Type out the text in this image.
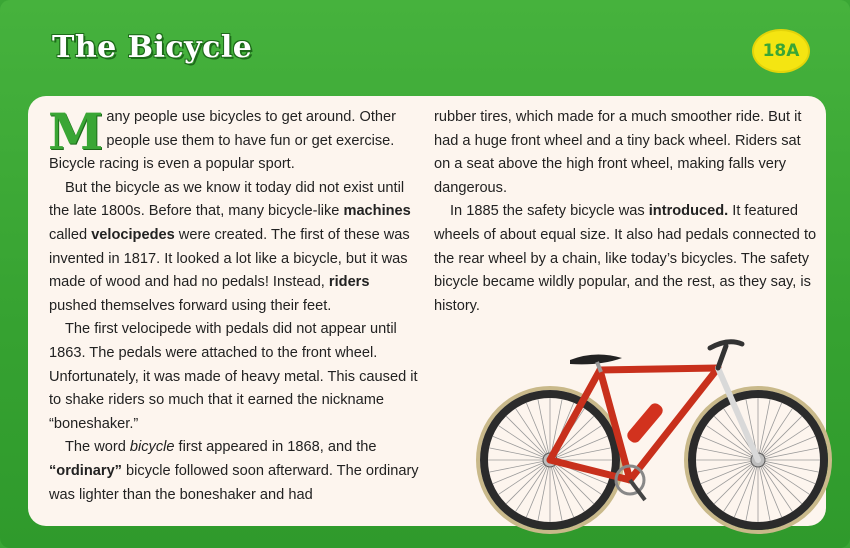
The Bicycle	18A

Many people use bicycles to get around. Other people use them to have fun or get exercise. Bicycle racing is even a popular sport.

But the bicycle as we know it today did not exist until the late 1800s. Before that, many bicycle-like machines called velocipedes were created. The first of these was invented in 1817. It looked a lot like a bicycle, but it was made of wood and had no pedals! Instead, riders pushed themselves forward using their feet.

The first velocipede with pedals did not appear until 1863. The pedals were attached to the front wheel. Unfortunately, it was made of heavy metal. This caused it to shake riders so much that it earned the nickname “boneshaker.”

The word bicycle first appeared in 1868, and the “ordinary” bicycle followed soon afterward. The ordinary was lighter than the boneshaker and had

rubber tires, which made for a much smoother ride. But it had a huge front wheel and a tiny back wheel. Riders sat on a seat above the high front wheel, making falls very dangerous.

In 1885 the safety bicycle was introduced. It featured wheels of about equal size. It also had pedals connected to the rear wheel by a chain, like today’s bicycles. The safety bicycle became wildly popular, and the rest, as they say, is history.
